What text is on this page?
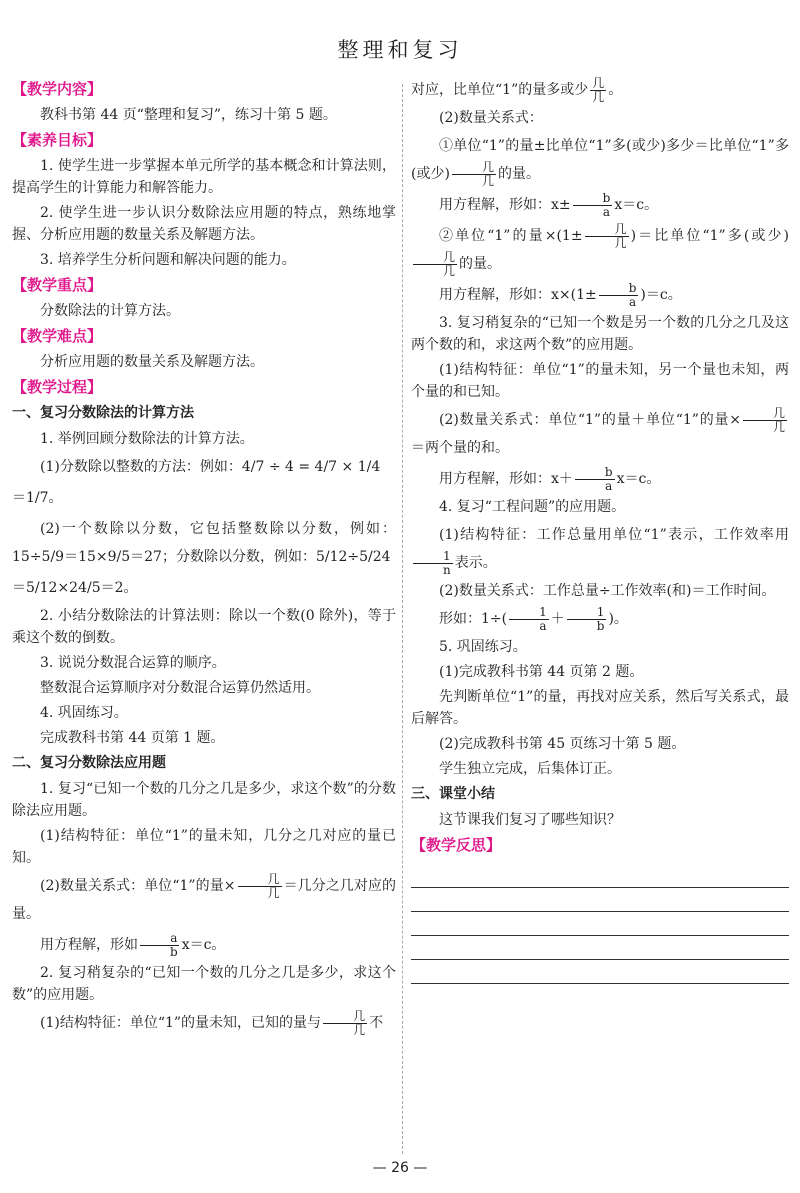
整理和复习
【 教学内容 】

教科书第 44 页“整理和复习”，练习十第 5 题。

【 素养目标 】

1. 使学生进一步掌握本单元所学的基本概念和计算法则，提高学生的计算能力和解答能力。

2. 使学生进一步认识分数除法应用题的特点，熟练地掌握、分析应用题的数量关系及解题方法。

3. 培养学生分析问题和解决问题的能力。

【 教学重点 】

分数除法的计算方法。

【 教学难点 】

分析应用题的数量关系及解题方法。

【 教学过程 】
一、复习分数除法的计算方法

1. 举例回顾分数除法的计算方法。

(1)分数除以整数的方法：例如：4/7 ÷ 4 = 4/7 × 1/4

＝1/7。

(2)一个数除以分数，它包括整数除以分数，例如：15÷5/9＝15×9/5＝27；分数除以分数，例如：5/12÷5/24

＝5/12×24/5＝2。

2. 小结分数除法的计算法则：除以一个数(0 除外)，等于乘这个数的倒数。

3. 说说分数混合运算的顺序。

整数混合运算顺序对分数混合运算仍然适用。

4. 巩固练习。

完成教科书第 44 页第 1 题。

二、复习分数除法应用题

1. 复习“已知一个数的几分之几是多少，求这个数”的分数除法应用题。

(1)结构特征：单位“1”的量未知，几分之几对应的量已知。

(2)数量关系式：单位“1”的量× $\frac{\text{几}}{\text{几}}$ ＝几分之几对应的量。

用方程解，形如 $\frac{a}{b} x=c$。

2. 复习稍复杂的“已知一个数的几分之几是多少，求这个数”的应用题。

(1)结构特征：单位“1”的量未知，已知的量与 $\frac{\text{几}}{\text{几}}$ 不

对应，比单位“1”的量多或少 $\frac{\text{几}}{\text{几}}$ 。

(2)数量关系式：

①单位“1”的量±比单位“1”多(或少)多少＝比单位“1”多(或少) $\frac{\text{几}}{\text{几}}$ 的量。

用方程解，形如：$x\pm \frac{b}{a} x=c$。

②单位“1”的量$\times(1\pm \frac{\text{几}}{\text{几}}$ )＝比单位“1”多(或少)
$\frac{\text{几}}{\text{几}}$ 的量。

用方程解，形如：$x\times(1\pm \frac{b}{a} )=c$。

3. 复习稍复杂的“已知一个数是另一个数的几分之几及这两个数的和，求这两个数”的应用题。

(1)结构特征：单位“1”的量未知，另一个量也未知，两个量的和已知。

(2)数量关系式：单位“1”的量＋单位“1”的量× $\frac{\text{几}}{\text{几}}$
＝两个量的和。

用方程解，形如：$x+ \frac{b}{a} x=c$。

4. 复习“工程问题”的应用题。

(1)结构特征：工作总量用单位“1”表示，工作效率用
$\frac{1}{n}$ 表示。

(2)数量关系式：工作总量÷工作效率(和)＝工作时间。

形如：$1\div( \frac{1}{a} + \frac{1}{b}$ )。

5. 巩固练习。

(1)完成教科书第 44 页第 2 题。

先判断单位“1”的量，再找对应关系，然后写关系式，最后解答。

(2)完成教科书第 45 页练习十第 5 题。

学生独立完成，后集体订正。

三、课堂小结

这节课我们复习了哪些知识？

【 教学反思 】
— 26 —
